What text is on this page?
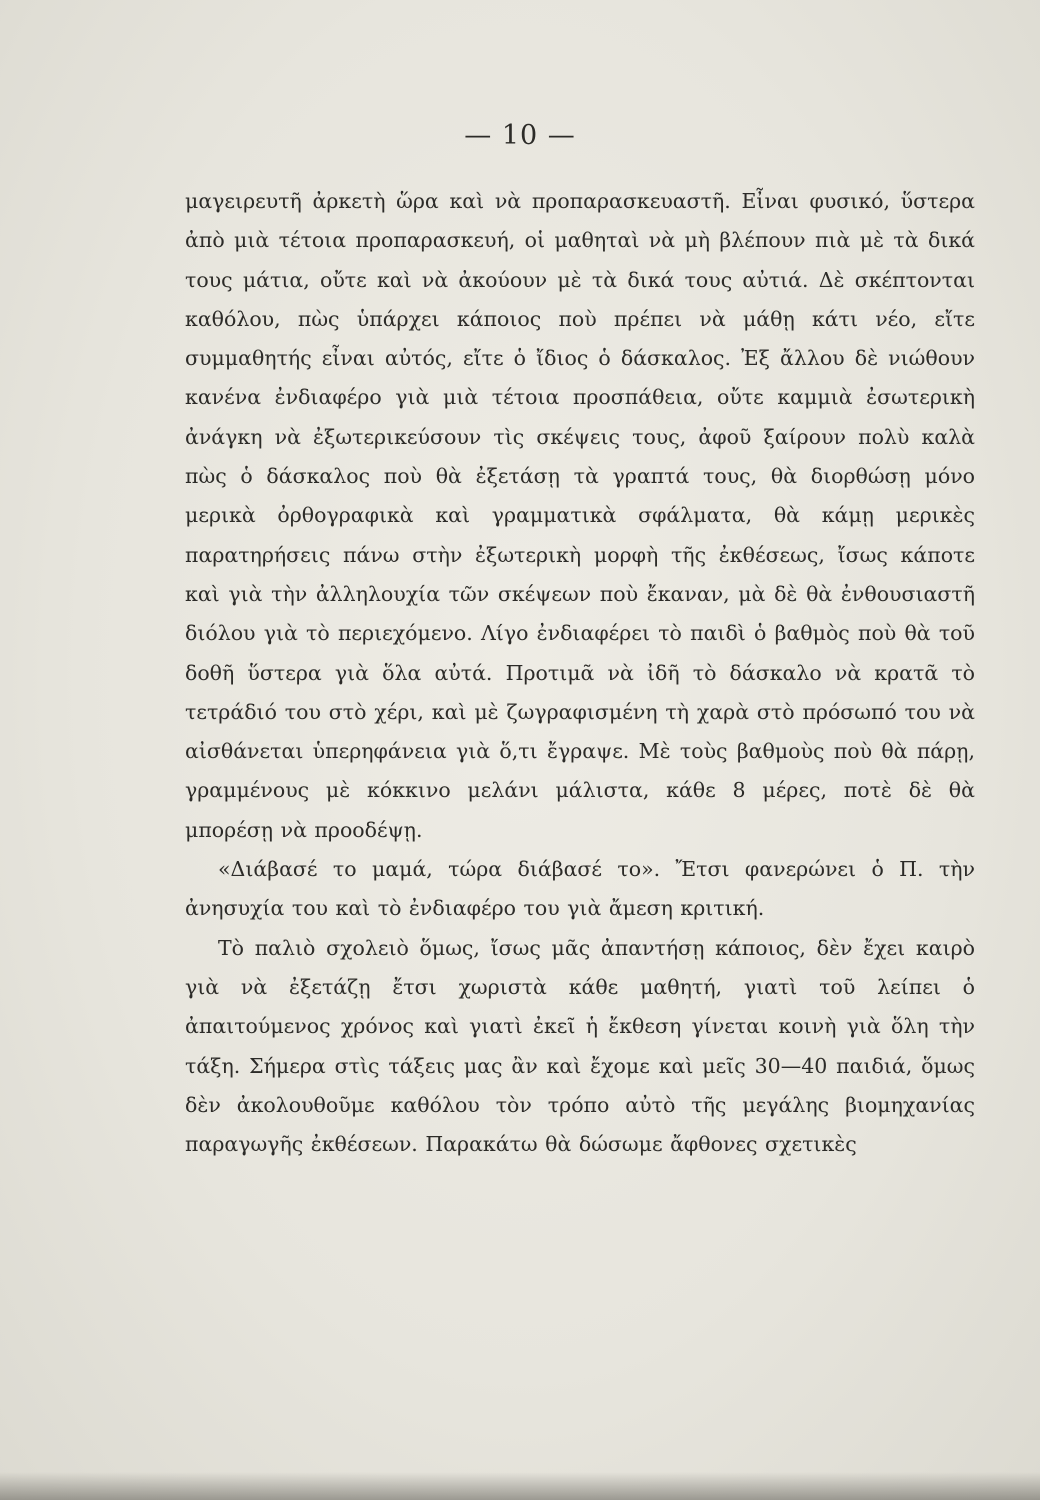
— 10 —

μαγειρευτῆ ἀρκετὴ ὥρα καὶ νὰ προπαρασκευαστῆ. Εἶναι φυσικό, ὕστερα ἀπὸ μιὰ τέτοια προπαρασκευή, οἱ μαθηταὶ νὰ μὴ βλέπουν πιὰ μὲ τὰ δικά τους μάτια, οὔτε καὶ νὰ ἀκούουν μὲ τὰ δικά τους αὐτιά. Δὲ σκέπτονται καθόλου, πὼς ὑπάρχει κάποιος ποὺ πρέπει νὰ μάθῃ κάτι νέο, εἴτε συμμαθητής εἶναι αὐτός, εἴτε ὁ ἴδιος ὁ δάσκαλος. Ἐξ ἄλλου δὲ νιώθουν κανένα ἐνδιαφέρο γιὰ μιὰ τέτοια προσπάθεια, οὔτε καμμιὰ ἐσωτερικὴ ἀνάγκη νὰ ἐξωτερικεύσουν τὶς σκέψεις τους, ἀφοῦ ξαίρουν πολὺ καλὰ πὼς ὁ δάσκαλος ποὺ θὰ ἐξετάσῃ τὰ γραπτά τους, θὰ διορθώσῃ μόνο μερικὰ ὀρθογραφικὰ καὶ γραμματικὰ σφάλματα, θὰ κάμῃ μερικὲς παρατηρήσεις πάνω στὴν ἐξωτερικὴ μορφὴ τῆς ἐκθέσεως, ἴσως κάποτε καὶ γιὰ τὴν ἀλληλουχία τῶν σκέψεων ποὺ ἔκαναν, μὰ δὲ θὰ ἐνθουσιαστῆ διόλου γιὰ τὸ περιεχόμενο. Λίγο ἐνδιαφέρει τὸ παιδὶ ὁ βαθμὸς ποὺ θὰ τοῦ δοθῆ ὕστερα γιὰ ὅλα αὐτά. Προτιμᾶ νὰ ἰδῆ τὸ δάσκαλο νὰ κρατᾶ τὸ τετράδιό του στὸ χέρι, καὶ μὲ ζωγραφισμένη τὴ χαρὰ στὸ πρόσωπό του νὰ αἰσθάνεται ὑπερηφάνεια γιὰ ὅ,τι ἔγραψε. Μὲ τοὺς βαθμοὺς ποὺ θὰ πάρῃ, γραμμένους μὲ κόκκινο μελάνι μάλιστα, κάθε 8 μέρες, ποτὲ δὲ θὰ μπορέσῃ νὰ προοδέψῃ.

«Διάβασέ το μαμά, τώρα διάβασέ το». Ἔτσι φανερώνει ὁ Π. τὴν ἀνησυχία του καὶ τὸ ἐνδιαφέρο του γιὰ ἄμεση κριτική.

Τὸ παλιὸ σχολειὸ ὅμως, ἴσως μᾶς ἀπαντήσῃ κάποιος, δὲν ἔχει καιρὸ γιὰ νὰ ἐξετάζῃ ἔτσι χωριστὰ κάθε μαθητή, γιατὶ τοῦ λείπει ὁ ἀπαιτούμενος χρόνος καὶ γιατὶ ἐκεῖ ἡ ἔκθεση γίνεται κοινὴ γιὰ ὅλη τὴν τάξη. Σήμερα στὶς τάξεις μας ἂν καὶ ἔχομε καὶ μεῖς 30—40 παιδιά, ὅμως δὲν ἀκολουθοῦμε καθόλου τὸν τρόπο αὐτὸ τῆς μεγάλης βιομηχανίας παραγωγῆς ἐκθέσεων. Παρακάτω θὰ δώσωμε ἄφθονες σχετικὲς
